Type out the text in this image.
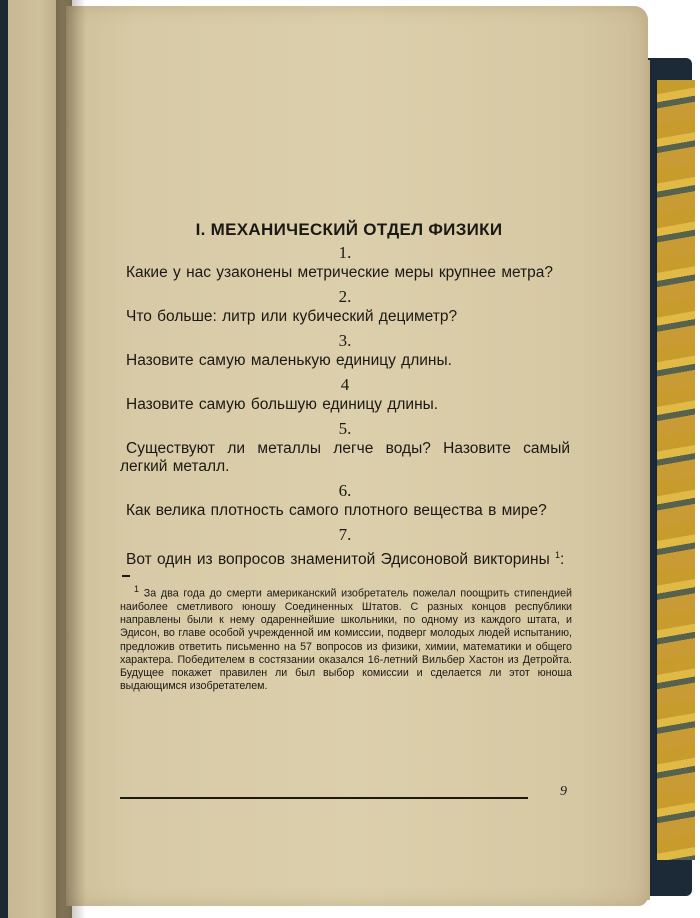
I. МЕХАНИЧЕСКИЙ ОТДЕЛ ФИЗИКИ
1.

Какие у нас узаконены метрические меры крупнее метра?

2.

Что больше: литр или кубический дециметр?

3.

Назовите самую маленькую единицу длины.

4

Назовите самую большую единицу длины.

5.

Существуют ли металлы легче воды? Назовите самый легкий металл.

6.

Как велика плотность самого плотного вещества в мире?

7.

Вот один из вопросов знаменитой Эдисоновой викторины $^1$:

$^1$ За два года до смерти американский изобретатель пожелал поощрить стипендией наиболее сметливого юношу Соединенных Штатов. С разных концов республики направлены были к нему одареннейшие школьники, по одному из каждого штата, и Эдисон, во главе особой учрежденной им комиссии, подверг молодых людей испытанию, предложив ответить письменно на 57 вопросов из физики, химии, математики и общего характера. Победителем в состязании оказался 16-летний Вильбер Хастон из Детройта. Будущее покажет правилен ли был выбор комиссии и сделается ли этот юноша выдающимся изобретателем.

9
